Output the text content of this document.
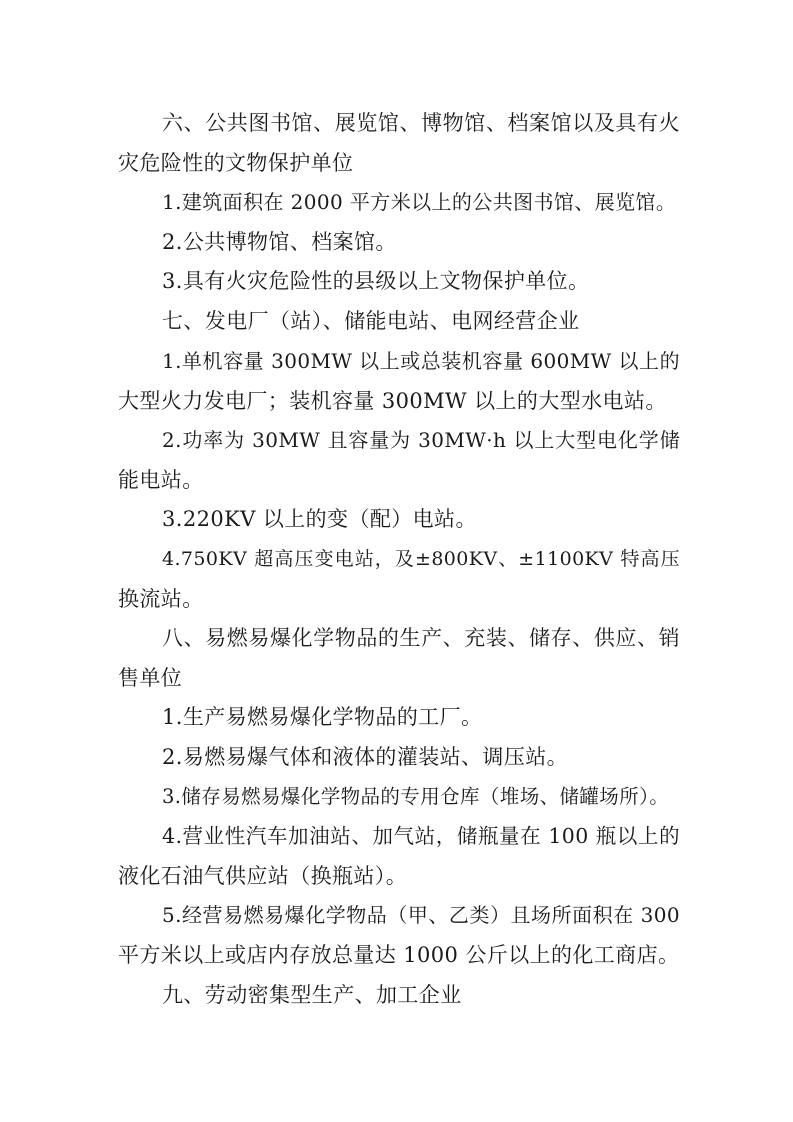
六、公共图书馆、展览馆、博物馆、档案馆以及具有火
灾危险性的文物保护单位
1.建筑面积在 2000 平方米以上的公共图书馆、展览馆。
2.公共博物馆、档案馆。
3.具有火灾危险性的县级以上文物保护单位。
七、发电厂（站）、储能电站、电网经营企业
1.单机容量 300MW 以上或总装机容量 600MW 以上的
大型火力发电厂；装机容量 300MW 以上的大型水电站。
2.功率为 30MW 且容量为 30MW·h 以上大型电化学储
能电站。
3.220KV 以上的变（配）电站。
4.750KV 超高压变电站，及±800KV、±1100KV 特高压
换流站。
八、易燃易爆化学物品的生产、充装、储存、供应、销
售单位
1.生产易燃易爆化学物品的工厂。
2.易燃易爆气体和液体的灌装站、调压站。
3.储存易燃易爆化学物品的专用仓库（堆场、储罐场所）。
4.营业性汽车加油站、加气站，储瓶量在 100 瓶以上的
液化石油气供应站（换瓶站）。
5.经营易燃易爆化学物品（甲、乙类）且场所面积在 300
平方米以上或店内存放总量达 1000 公斤以上的化工商店。
九、劳动密集型生产、加工企业
